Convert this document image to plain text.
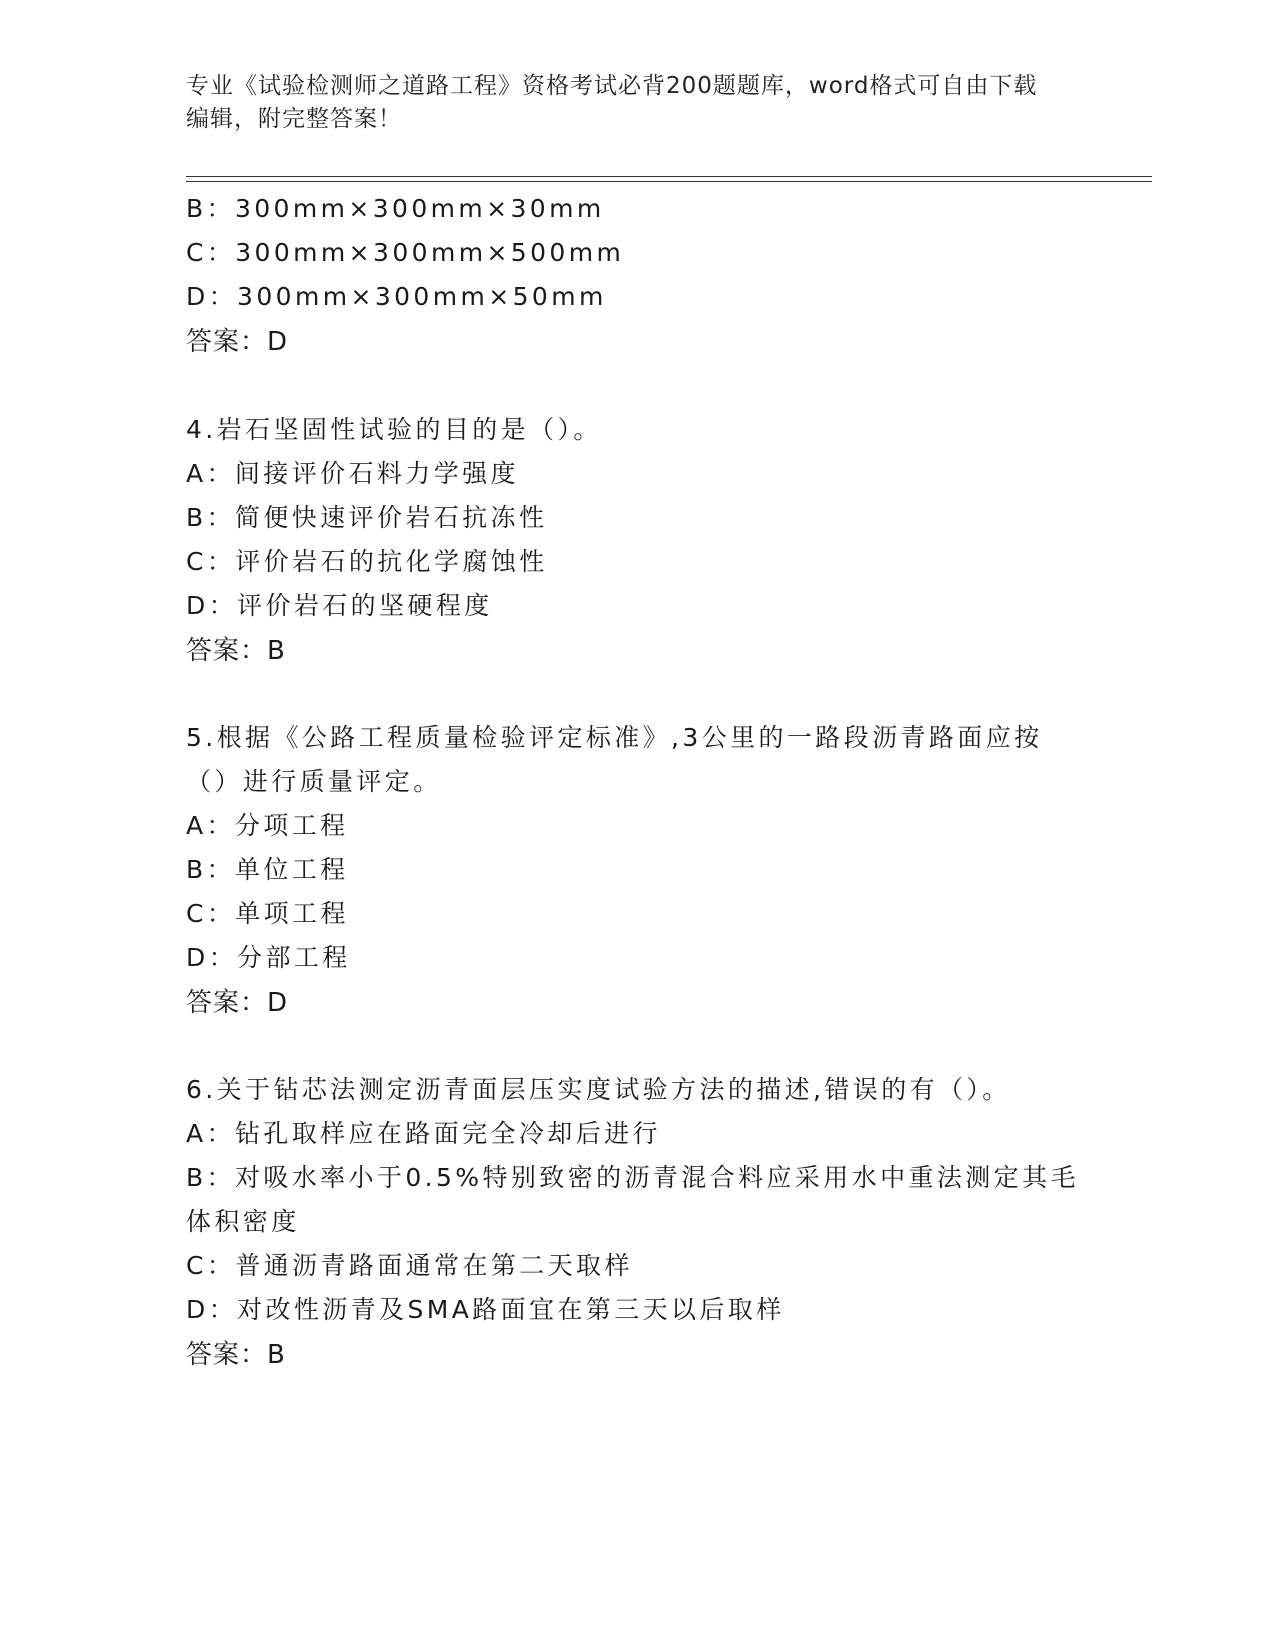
专业《试验检测师之道路工程》资格考试必背200题题库，word格式可自由下载
编辑，附完整答案！
B：300mm×300mm×30mm
C：300mm×300mm×500mm
D：300mm×300mm×50mm
答案：D
4.岩石坚固性试验的目的是（）。
A：间接评价石料力学强度
B：简便快速评价岩石抗冻性
C：评价岩石的抗化学腐蚀性
D：评价岩石的坚硬程度
答案：B
5.根据《公路工程质量检验评定标准》,3公里的一路段沥青路面应按
（）进行质量评定。
A：分项工程
B：单位工程
C：单项工程
D：分部工程
答案：D
6.关于钻芯法测定沥青面层压实度试验方法的描述,错误的有（）。
A：钻孔取样应在路面完全冷却后进行
B：对吸水率小于0.5%特别致密的沥青混合料应采用水中重法测定其毛
体积密度
C：普通沥青路面通常在第二天取样
D：对改性沥青及SMA路面宜在第三天以后取样
答案：B
